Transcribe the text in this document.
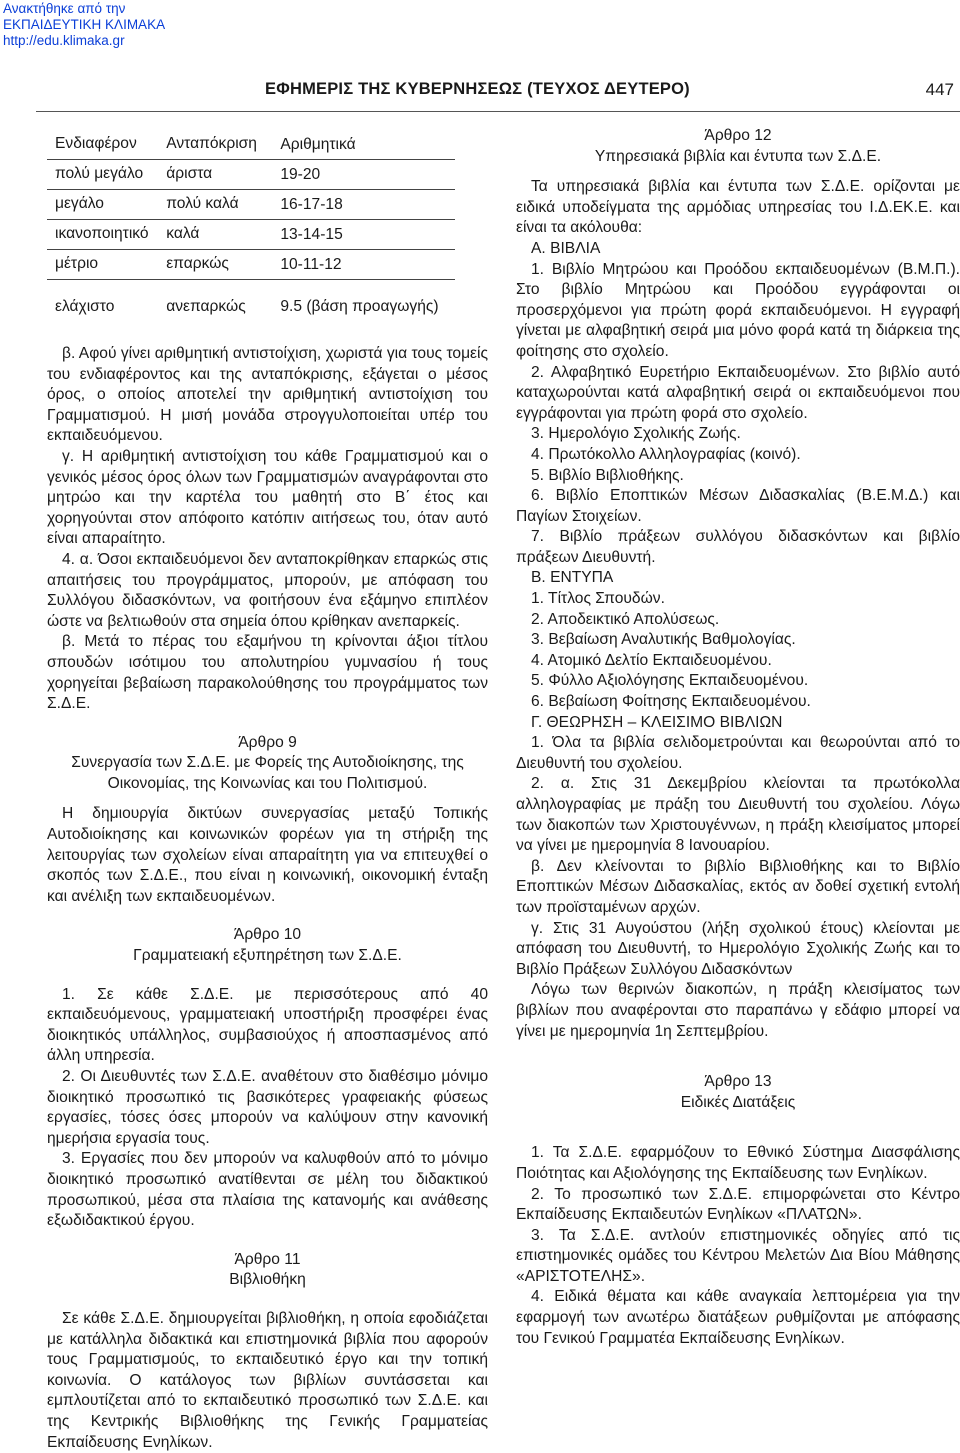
Ανακτήθηκε από την
ΕΚΠΑΙΔΕΥΤΙΚΗ ΚΛΙΜΑΚΑ
http://edu.klimaka.gr
ΕΦΗΜΕΡΙΣ ΤΗΣ ΚΥΒΕΡΝΗΣΕΩΣ (ΤΕΥΧΟΣ ΔΕΥΤΕΡΟ)	447
Ενδιαφέρον	Ανταπόκριση	Αριθμητικά
πολύ μεγάλο	άριστα	19-20
μεγάλο	πολύ καλά	16-17-18
ικανοποιητικό	καλά	13-14-15
μέτριο	επαρκώς	10-11-12
ελάχιστο	ανεπαρκώς	9.5 (βάση προαγωγής)

β. Αφού γίνει αριθμητική αντιστοίχιση, χωριστά για τους τομείς του ενδιαφέροντος και της ανταπόκρισης, εξάγεται ο μέσος όρος, ο οποίος αποτελεί την αριθμητική αντιστοίχιση του Γραμματισμού. Η μισή μονάδα στρογγυλοποιείται υπέρ του εκπαιδευόμενου.

γ. Η αριθμητική αντιστοίχιση του κάθε Γραμματισμού και ο γενικός μέσος όρος όλων των Γραμματισμών αναγράφονται στο μητρώο και την καρτέλα του μαθητή στο Β΄ έτος και χορηγούνται στον απόφοιτο κατόπιν αιτήσεως του, όταν αυτό είναι απαραίτητο.

4. α. Όσοι εκπαιδευόμενοι δεν ανταποκρίθηκαν επαρκώς στις απαιτήσεις του προγράμματος, μπορούν, με απόφαση του Συλλόγου διδασκόντων, να φοιτήσουν ένα εξάμηνο επιπλέον ώστε να βελτιωθούν στα σημεία όπου κρίθηκαν ανεπαρκείς.

β. Μετά το πέρας του εξαμήνου τη κρίνονται άξιοι τίτλου σπουδών ισότιμου του απολυτηρίου γυμνασίου ή τους χορηγείται βεβαίωση παρακολούθησης του προγράμματος των Σ.Δ.Ε.

Άρθρο 9

Συνεργασία των Σ.Δ.Ε. με Φορείς της Αυτοδιοίκησης, της Οικονομίας, της Κοινωνίας και του Πολιτισμού.

Η δημιουργία δικτύων συνεργασίας μεταξύ Τοπικής Αυτοδιοίκησης και κοινωνικών φορέων για τη στήριξη της λειτουργίας των σχολείων είναι απαραίτητη για να επιτευχθεί ο σκοπός των Σ.Δ.Ε., που είναι η κοινωνική, οικονομική ένταξη και ανέλιξη των εκπαιδευομένων.

Άρθρο 10

Γραμματειακή εξυπηρέτηση των Σ.Δ.Ε.

1. Σε κάθε Σ.Δ.Ε. με περισσότερους από 40 εκπαιδευόμενους, γραμματειακή υποστήριξη προσφέρει ένας διοικητικός υπάλληλος, συμβασιούχος ή αποσπασμένος από άλλη υπηρεσία.

2. Οι Διευθυντές των Σ.Δ.Ε. αναθέτουν στο διαθέσιμο μόνιμο διοικητικό προσωπικό τις βασικότερες γραφειακής φύσεως εργασίες, τόσες όσες μπορούν να καλύψουν στην κανονική ημερήσια εργασία τους.

3. Εργασίες που δεν μπορούν να καλυφθούν από το μόνιμο διοικητικό προσωπικό ανατίθενται σε μέλη του διδακτικού προσωπικού, μέσα στα πλαίσια της κατανομής και ανάθεσης εξωδιδακτικού έργου.

Άρθρο 11

Βιβλιοθήκη

Σε κάθε Σ.Δ.Ε. δημιουργείται βιβλιοθήκη, η οποία εφοδιάζεται με κατάλληλα διδακτικά και επιστημονικά βιβλία που αφορούν τους Γραμματισμούς, το εκπαιδευτικό έργο και την τοπική κοινωνία. Ο κατάλογος των βιβλίων συντάσσεται και εμπλουτίζεται από το εκπαιδευτικό προσωπικό των Σ.Δ.Ε. και της Κεντρικής Βιβλιοθήκης της Γενικής Γραμματείας Εκπαίδευσης Ενηλίκων.

Άρθρο 12

Υπηρεσιακά βιβλία και έντυπα των Σ.Δ.Ε.

Τα υπηρεσιακά βιβλία και έντυπα των Σ.Δ.Ε. ορίζονται με ειδικά υποδείγματα της αρμόδιας υπηρεσίας του Ι.Δ.ΕΚ.Ε. και είναι τα ακόλουθα:

Α. ΒΙΒΛΙΑ

1. Βιβλίο Μητρώου και Προόδου εκπαιδευομένων (Β.Μ.Π.). Στο βιβλίο Μητρώου και Προόδου εγγράφονται οι προσερχόμενοι για πρώτη φορά εκπαιδευόμενοι. Η εγγραφή γίνεται με αλφαβητική σειρά μια μόνο φορά κατά τη διάρκεια της φοίτησης στο σχολείο.

2. Αλφαβητικό Ευρετήριο Εκπαιδευομένων. Στο βιβλίο αυτό καταχωρούνται κατά αλφαβητική σειρά οι εκπαιδευόμενοι που εγγράφονται για πρώτη φορά στο σχολείο.

3. Ημερολόγιο Σχολικής Ζωής.

4. Πρωτόκολλο Αλληλογραφίας (κοινό).

5. Βιβλίο Βιβλιοθήκης.

6. Βιβλίο Εποπτικών Μέσων Διδασκαλίας (Β.Ε.Μ.Δ.) και Παγίων Στοιχείων.

7. Βιβλίο πράξεων συλλόγου διδασκόντων και βιβλίο πράξεων Διευθυντή.

Β. ΕΝΤΥΠΑ

1. Τίτλος Σπουδών.

2. Αποδεικτικό Απολύσεως.

3. Βεβαίωση Αναλυτικής Βαθμολογίας.

4. Ατομικό Δελτίο Εκπαιδευομένου.

5. Φύλλο Αξιολόγησης Εκπαιδευομένου.

6. Βεβαίωση Φοίτησης Εκπαιδευομένου.

Γ. ΘΕΩΡΗΣΗ – ΚΛΕΙΣΙΜΟ ΒΙΒΛΙΩΝ

1. Όλα τα βιβλία σελιδομετρούνται και θεωρούνται από το Διευθυντή του σχολείου.

2. α. Στις 31 Δεκεμβρίου κλείονται τα πρωτόκολλα αλληλογραφίας με πράξη του Διευθυντή του σχολείου. Λόγω των διακοπών των Χριστουγέννων, η πράξη κλεισίματος μπορεί να γίνει με ημερομηνία 8 Ιανουαρίου.

β. Δεν κλείνονται το βιβλίο Βιβλιοθήκης και το Βιβλίο Εποπτικών Μέσων Διδασκαλίας, εκτός αν δοθεί σχετική εντολή των προϊσταμένων αρχών.

γ. Στις 31 Αυγούστου (λήξη σχολικού έτους) κλείονται με απόφαση του Διευθυντή, το Ημερολόγιο Σχολικής Ζωής και το Βιβλίο Πράξεων Συλλόγου Διδασκόντων

Λόγω των θερινών διακοπών, η πράξη κλεισίματος των βιβλίων που αναφέρονται στο παραπάνω γ εδάφιο μπορεί να γίνει με ημερομηνία 1η Σεπτεμβρίου.

Άρθρο 13

Ειδικές Διατάξεις

1. Τα Σ.Δ.Ε. εφαρμόζουν το Εθνικό Σύστημα Διασφάλισης Ποιότητας και Αξιολόγησης της Εκπαίδευσης των Ενηλίκων.

2. Το προσωπικό των Σ.Δ.Ε. επιμορφώνεται στο Κέντρο Εκπαίδευσης Εκπαιδευτών Ενηλίκων «ΠΛΑΤΩΝ».

3. Τα Σ.Δ.Ε. αντλούν επιστημονικές οδηγίες από τις επιστημονικές ομάδες του Κέντρου Μελετών Δια Βίου Μάθησης «ΑΡΙΣΤΟΤΕΛΗΣ».

4. Ειδικά θέματα και κάθε αναγκαία λεπτομέρεια για την εφαρμογή των ανωτέρω διατάξεων ρυθμίζονται με απόφασης του Γενικού Γραμματέα Εκπαίδευσης Ενηλίκων.
